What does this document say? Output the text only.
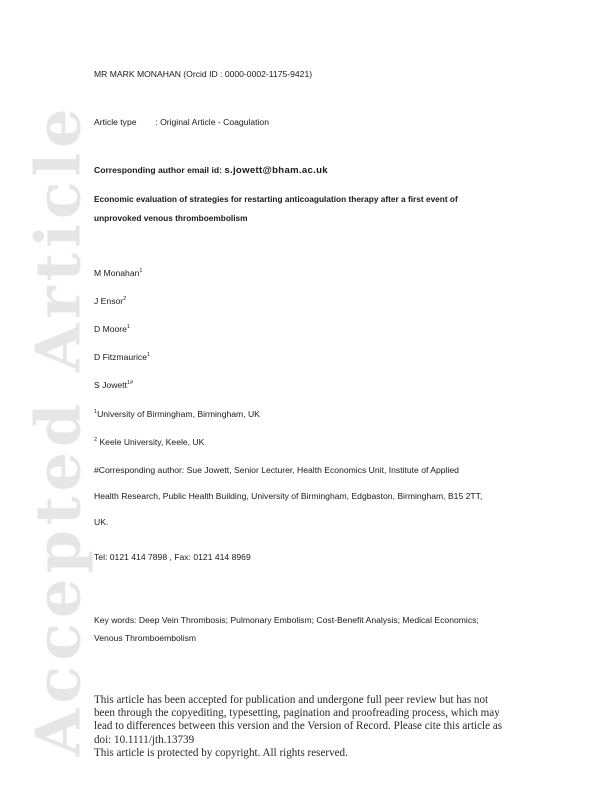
Accepted Article
MR MARK MONAHAN (Orcid ID : 0000-0002-1175-9421)
Article type : Original Article - Coagulation
Corresponding author email id: s.jowett@bham.ac.uk
Economic evaluation of strategies for restarting anticoagulation therapy after a first event of
unprovoked venous thromboembolism
M Monahan$^1$
J Ensor$^2$
D Moore$^1$
D Fitzmaurice$^1$
S Jowett$^{1\#}$
$^1$University of Birmingham, Birmingham, UK
$^2$ Keele University, Keele, UK
#Corresponding author: Sue Jowett, Senior Lecturer, Health Economics Unit, Institute of Applied
Health Research, Public Health Building, University of Birmingham, Edgbaston, Birmingham, B15 2TT,
UK.
Tel: 0121 414 7898 , Fax: 0121 414 8969
Key words: Deep Vein Thrombosis; Pulmonary Embolism; Cost-Benefit Analysis; Medical Economics;
Venous Thromboembolism
This article has been accepted for publication and undergone full peer review but has not
been through the copyediting, typesetting, pagination and proofreading process, which may
lead to differences between this version and the Version of Record. Please cite this article as
doi: 10.1111/jth.13739
This article is protected by copyright. All rights reserved.
